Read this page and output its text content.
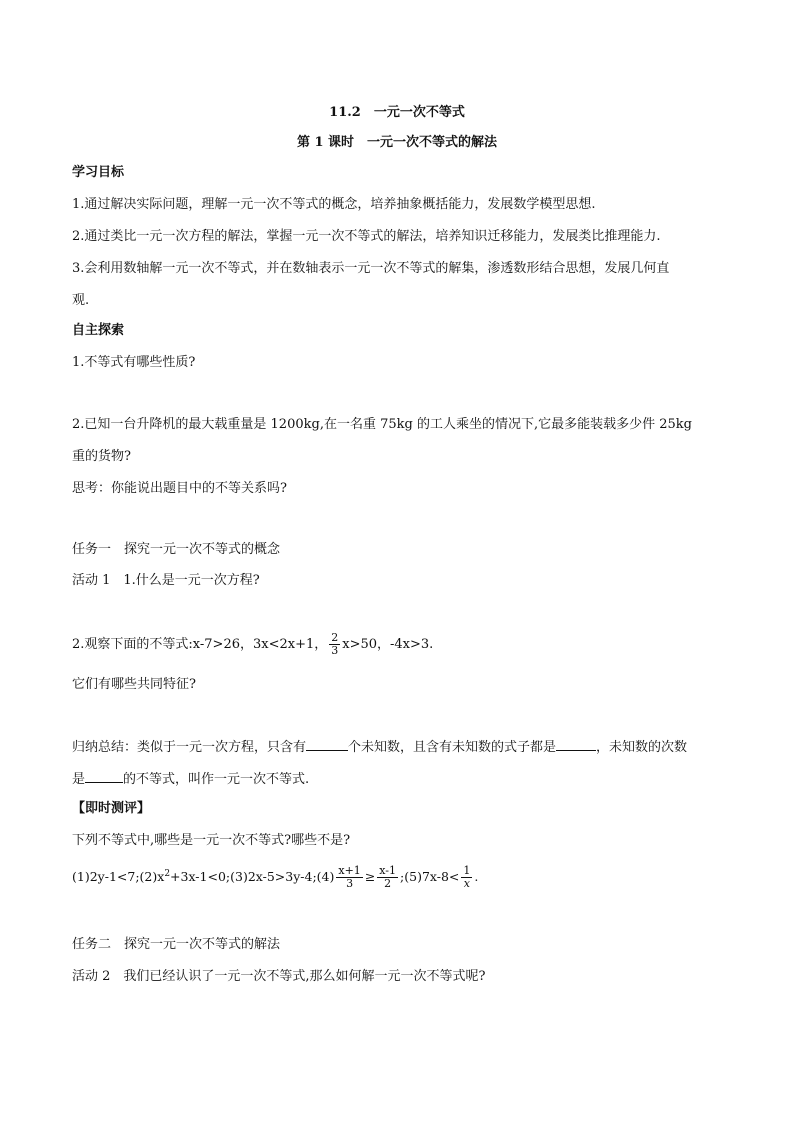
11.2　一元一次不等式
第 1 课时　一元一次不等式的解法
学习目标
1.通过解决实际问题，理解一元一次不等式的概念，培养抽象概括能力，发展数学模型思想.
2.通过类比一元一次方程的解法，掌握一元一次不等式的解法，培养知识迁移能力，发展类比推理能力.
3.会利用数轴解一元一次不等式，并在数轴表示一元一次不等式的解集，渗透数形结合思想，发展几何直
观.
自主探索
1.不等式有哪些性质?
2.已知一台升降机的最大载重量是 1200kg,在一名重 75kg 的工人乘坐的情况下,它最多能装载多少件 25kg
重的货物?
思考：你能说出题目中的不等关系吗?
任务一　探究一元一次不等式的概念
活动 1　1.什么是一元一次方程?
2.观察下面的不等式:x-7>26，3x<2x+1， $\frac{2}{3} x>50$，-4x>3.
它们有哪些共同特征?
归纳总结：类似于一元一次方程，只含有	个未知数，且含有未知数的式子都是	，未知数的次数
是	的不等式，叫作一元一次不等式.
【即时测评】
下列不等式中,哪些是一元一次不等式?哪些不是?
$(1)2y-1<7;(2)x^2+3x-1<0;(3)2x-5>3y-4;(4) \frac{x+1}{3} \ge \frac{x-1}{2}$ ;(5)7x-8< $\frac{1}{x}$ .
任务二　探究一元一次不等式的解法
活动 2　我们已经认识了一元一次不等式,那么如何解一元一次不等式呢?
